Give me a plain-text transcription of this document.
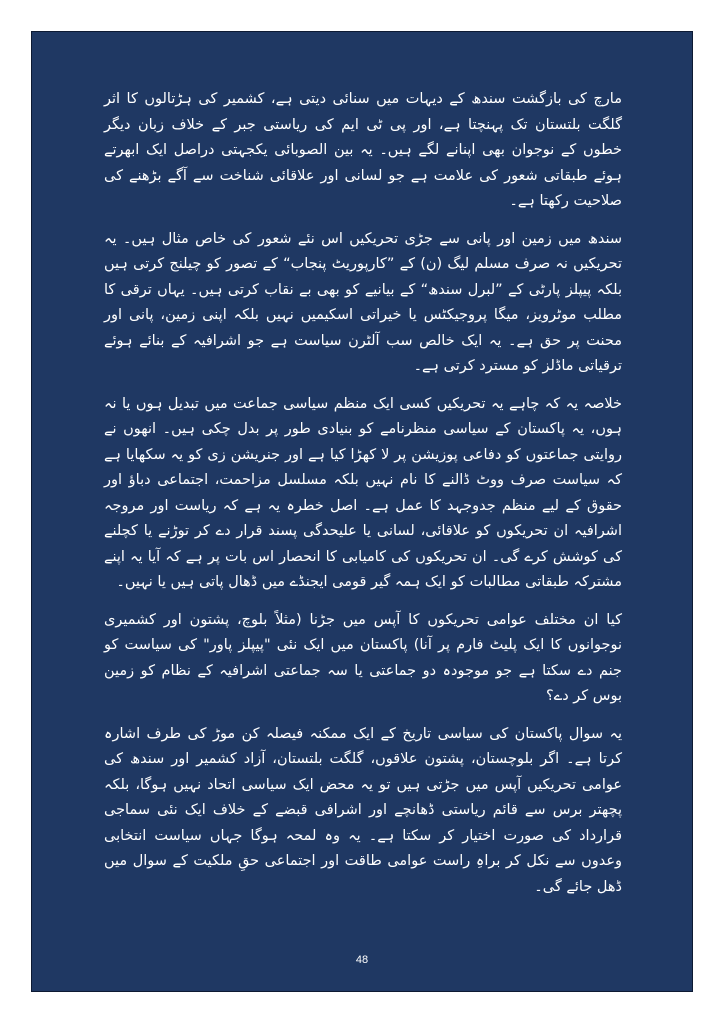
مارچ کی بازگشت سندھ کے دیہات میں سنائی دیتی ہے، کشمیر کی ہڑتالوں کا اثر گلگت بلتستان تک پہنچتا ہے، اور پی ٹی ایم کی ریاستی جبر کے خلاف زبان دیگر خطوں کے نوجوان بھی اپنانے لگے ہیں۔ یہ بین الصوبائی یکجہتی دراصل ایک ابھرتے ہوئے طبقاتی شعور کی علامت ہے جو لسانی اور علاقائی شناخت سے آگے بڑھنے کی صلاحیت رکھتا ہے۔

سندھ میں زمین اور پانی سے جڑی تحریکیں اس نئے شعور کی خاص مثال ہیں۔ یہ تحریکیں نہ صرف مسلم لیگ (ن) کے ”کارپوریٹ پنجاب“ کے تصور کو چیلنج کرتی ہیں بلکہ پیپلز پارٹی کے ”لبرل سندھ“ کے بیانیے کو بھی بے نقاب کرتی ہیں۔ یہاں ترقی کا مطلب موٹرویز، میگا پروجیکٹس یا خیراتی اسکیمیں نہیں بلکہ اپنی زمین، پانی اور محنت پر حق ہے۔ یہ ایک خالص سب آلٹرن سیاست ہے جو اشرافیہ کے بنائے ہوئے ترقیاتی ماڈلز کو مسترد کرتی ہے۔

خلاصہ یہ کہ چاہے یہ تحریکیں کسی ایک منظم سیاسی جماعت میں تبدیل ہوں یا نہ ہوں، یہ پاکستان کے سیاسی منظرنامے کو بنیادی طور پر بدل چکی ہیں۔ انھوں نے روایتی جماعتوں کو دفاعی پوزیشن پر لا کھڑا کیا ہے اور جنریشن زی کو یہ سکھایا ہے کہ سیاست صرف ووٹ ڈالنے کا نام نہیں بلکہ مسلسل مزاحمت، اجتماعی دباؤ اور حقوق کے لیے منظم جدوجہد کا عمل ہے۔ اصل خطرہ یہ ہے کہ ریاست اور مروجہ اشرافیہ ان تحریکوں کو علاقائی، لسانی یا علیحدگی پسند قرار دے کر توڑنے یا کچلنے کی کوشش کرے گی۔ ان تحریکوں کی کامیابی کا انحصار اس بات پر ہے کہ آیا یہ اپنے مشترکہ طبقاتی مطالبات کو ایک ہمہ گیر قومی ایجنڈے میں ڈھال پاتی ہیں یا نہیں۔

کیا ان مختلف عوامی تحریکوں کا آپس میں جڑنا (مثلاً بلوچ، پشتون اور کشمیری نوجوانوں کا ایک پلیٹ فارم پر آنا) پاکستان میں ایک نئی "پیپلز پاور" کی سیاست کو جنم دے سکتا ہے جو موجودہ دو جماعتی یا سہ جماعتی اشرافیہ کے نظام کو زمین بوس کر دے؟

یہ سوال پاکستان کی سیاسی تاریخ کے ایک ممکنہ فیصلہ کن موڑ کی طرف اشارہ کرتا ہے۔ اگر بلوچستان، پشتون علاقوں، گلگت بلتستان، آزاد کشمیر اور سندھ کی عوامی تحریکیں آپس میں جڑتی ہیں تو یہ محض ایک سیاسی اتحاد نہیں ہوگا، بلکہ پچھتر برس سے قائم ریاستی ڈھانچے اور اشرافی قبضے کے خلاف ایک نئی سماجی قرارداد کی صورت اختیار کر سکتا ہے۔ یہ وہ لمحہ ہوگا جہاں سیاست انتخابی وعدوں سے نکل کر براہِ راست عوامی طاقت اور اجتماعی حقِ ملکیت کے سوال میں ڈھل جائے گی۔

48
